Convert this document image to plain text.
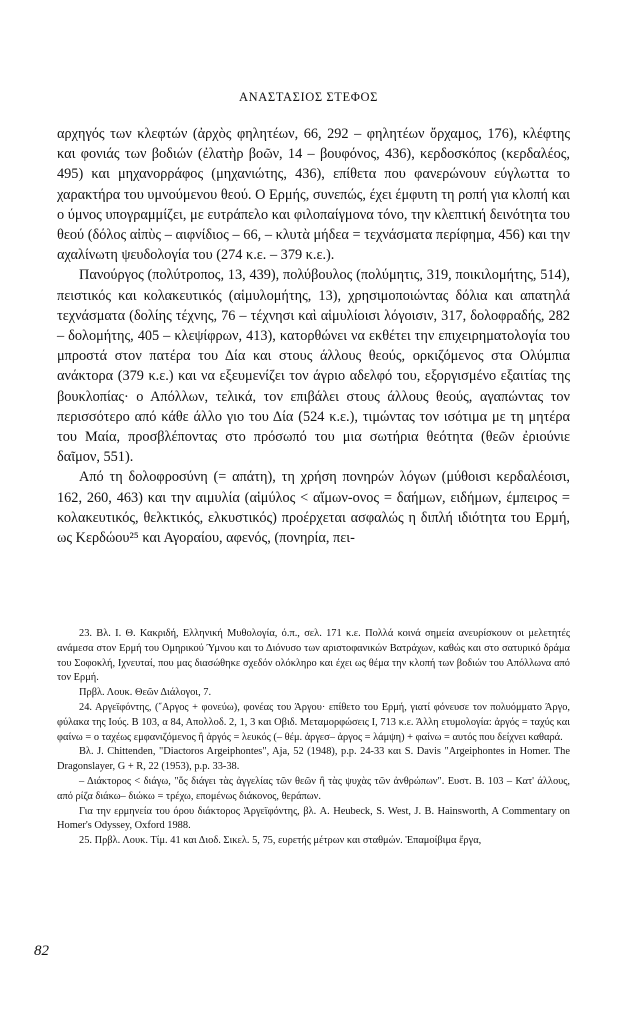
ΑΝΑΣΤΑΣΙΟΣ ΣΤΕΦΟΣ

αρχηγός των κλεφτών (ἀρχὸς φηλητέων, 66, 292 – φηλητέων ὄρχαμος, 176), κλέφτης και φονιάς των βοδιών (ἐλατὴρ βοῶν, 14 – βουφόνος, 436), κερδοσκόπος (κερδαλέος, 495) και μηχανορράφος (μηχανιώτης, 436), επίθετα που φανερώνουν εύγλωττα το χαρακτήρα του υμνούμενου θεού. Ο Ερμής, συνεπώς, έχει έμφυτη τη ροπή για κλοπή και ο ύμνος υπογραμμίζει, με ευτράπελο και φιλοπαίγμονα τόνο, την κλεπτική δεινότητα του θεού (δόλος αἰπὺς – αιφνίδιος – 66, – κλυτὰ μήδεα = τεχνάσματα περίφημα, 456) και την αχαλίνωτη ψευδολογία του (274 κ.ε. – 379 κ.ε.).

Πανούργος (πολύτροπος, 13, 439), πολύβουλος (πολύμητις, 319, ποικιλομήτης, 514), πειστικός και κολακευτικός (αἱμυλομήτης, 13), χρησιμοποιώντας δόλια και απατηλά τεχνάσματα (δολίης τέχνης, 76 – τέχνησι καὶ αἱμυλίοισι λόγοισιν, 317, δολοφραδής, 282 – δολομήτης, 405 – κλεψίφρων, 413), κατορθώνει να εκθέτει την επιχειρηματολογία του μπροστά στον πατέρα του Δία και στους άλλους θεούς, ορκιζόμενος στα Ολύμπια ανάκτορα (379 κ.ε.) και να εξευμενίζει τον άγριο αδελφό του, εξοργισμένο εξαιτίας της βουκλοπίας· ο Απόλλων, τελικά, τον επιβάλει στους άλλους θεούς, αγαπώντας τον περισσότερο από κάθε άλλο γιο του Δία (524 κ.ε.), τιμώντας τον ισότιμα με τη μητέρα του Μαία, προσβλέποντας στο πρόσωπό του μια σωτήρια θεότητα (θεῶν ἐριούνιε δαῖμον, 551).

Από τη δολοφροσύνη (= απάτη), τη χρήση πονηρών λόγων (μύθοισι κερδαλέοισι, 162, 260, 463) και την αιμυλία (αἱμύλος < αἵμων-ονος = δαήμων, ειδήμων, έμπειρος = κολακευτικός, θελκτικός, ελκυστικός) προέρχεται ασφαλώς η διπλή ιδιότητα του Ερμή, ως Κερδώου²⁵ και Αγοραίου, αφενός, (πονηρία, πει-

23. Βλ. Ι. Θ. Κακριδή, Ελληνική Μυθολογία, ό.π., σελ. 171 κ.ε. Πολλά κοινά σημεία ανευρίσκουν οι μελετητές ανάμεσα στον Ερμή του Ομηρικού Ύμνου και το Διόνυσο των αριστοφανικών Βατράχων, καθώς και στο σατυρικό δράμα του Σοφοκλή, Ιχνευταί, που μας διασώθηκε σχεδόν ολόκληρο και έχει ως θέμα την κλοπή των βοδιών του Απόλλωνα από τον Ερμή.

Πρβλ. Λουκ. Θεῶν Διάλογοι, 7.

24. Αργεϊφόντης, (῎Αργος + φονεύω), φονέας του Άργου· επίθετο του Ερμή, γιατί φόνευσε τον πολυόμματο Άργο, φύλακα της Ιούς. Β 103, α 84, Απολλοδ. 2, 1, 3 και Οβιδ. Μεταμορφώσεις Ι, 713 κ.ε. Άλλη ετυμολογία: ἀργός = ταχύς και φαίνω = ο ταχέως εμφανιζόμενος ἢ ἀργός = λευκός (– θέμ. ἀργεσ– ἀργος = λάμψη) + φαίνω = αυτός που δείχνει καθαρά.

Βλ. J. Chittenden, "Diactoros Argeiphontes", Aja, 52 (1948), p.p. 24-33 και S. Davis "Argeiphontes in Homer. The Dragonslayer, G + R, 22 (1953), p.p. 33-38.

– Διάκτορος < διάγω, "ὅς διάγει τὰς ἀγγελίας τῶν θεῶν ἢ τὰς ψυχὰς τῶν ἀνθρώπων". Ευστ. Β. 103 – Κατ' άλλους, από ρίζα διάκω– διώκω = τρέχω, επομένως διάκονος, θεράπων.

Για την ερμηνεία του όρου διάκτορος Ἀργεϊφόντης, βλ. A. Heubeck, S. West, J. B. Hainsworth, A Commentary on Homer's Odyssey, Oxford 1988.

25. Πρβλ. Λουκ. Τίμ. 41 και Διοδ. Σικελ. 5, 75, ευρετής μέτρων και σταθμών. Ἐπαμοίβιμα ἔργα,

82
